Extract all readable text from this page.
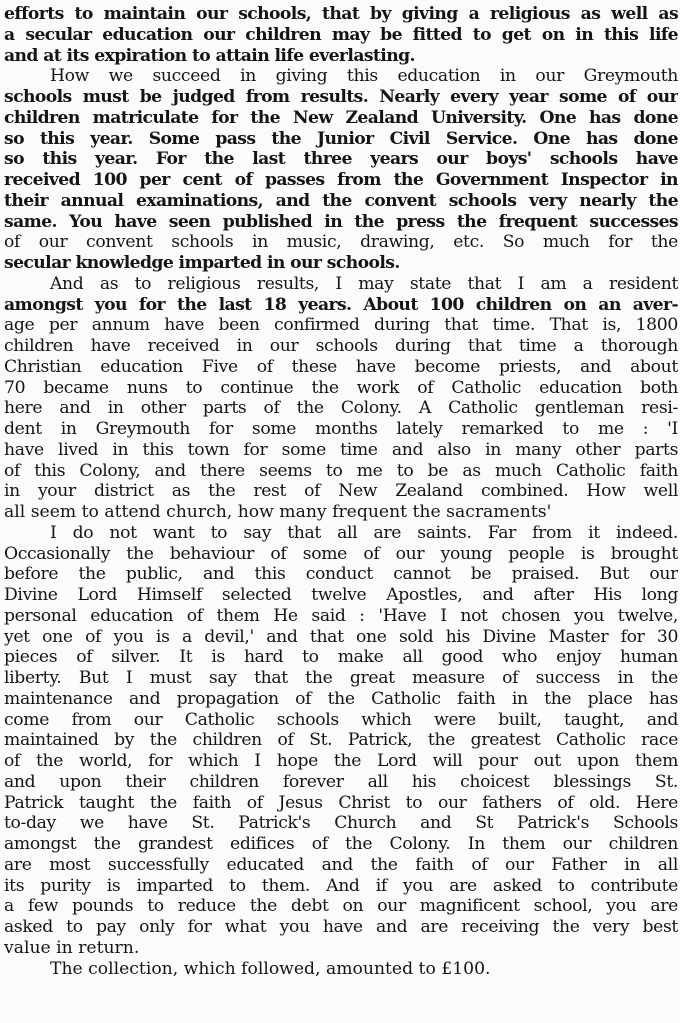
efforts to maintain our schools, that by giving a religious as well as
a secular education our children may be fitted to get on in this life
and at its expiration to attain life everlasting.
How we succeed in giving this education in our Greymouth
schools must be judged from results. Nearly every year some of our
children matriculate for the New Zealand University. One has done
so this year. Some pass the Junior Civil Service. One has done
so this year. For the last three years our boys' schools have
received 100 per cent of passes from the Government Inspector in
their annual examinations, and the convent schools very nearly the
same. You have seen published in the press the frequent successes
of our convent schools in music, drawing, etc. So much for the
secular knowledge imparted in our schools.
And as to religious results, I may state that I am a resident
amongst you for the last 18 years. About 100 children on an aver-
age per annum have been confirmed during that time. That is, 1800
children have received in our schools during that time a thorough
Christian education Five of these have become priests, and about
70 became nuns to continue the work of Catholic education both
here and in other parts of the Colony. A Catholic gentleman resi-
dent in Greymouth for some months lately remarked to me : 'I
have lived in this town for some time and also in many other parts
of this Colony, and there seems to me to be as much Catholic faith
in your district as the rest of New Zealand combined. How well
all seem to attend church, how many frequent the sacraments'
I do not want to say that all are saints. Far from it indeed.
Occasionally the behaviour of some of our young people is brought
before the public, and this conduct cannot be praised. But our
Divine Lord Himself selected twelve Apostles, and after His long
personal education of them He said : 'Have I not chosen you twelve,
yet one of you is a devil,' and that one sold his Divine Master for 30
pieces of silver. It is hard to make all good who enjoy human
liberty. But I must say that the great measure of success in the
maintenance and propagation of the Catholic faith in the place has
come from our Catholic schools which were built, taught, and
maintained by the children of St. Patrick, the greatest Catholic race
of the world, for which I hope the Lord will pour out upon them
and upon their children forever all his choicest blessings St.
Patrick taught the faith of Jesus Christ to our fathers of old. Here
to-day we have St. Patrick's Church and St Patrick's Schools
amongst the grandest edifices of the Colony. In them our children
are most successfully educated and the faith of our Father in all
its purity is imparted to them. And if you are asked to contribute
a few pounds to reduce the debt on our magnificent school, you are
asked to pay only for what you have and are receiving the very best
value in return.
The collection, which followed, amounted to £100.
